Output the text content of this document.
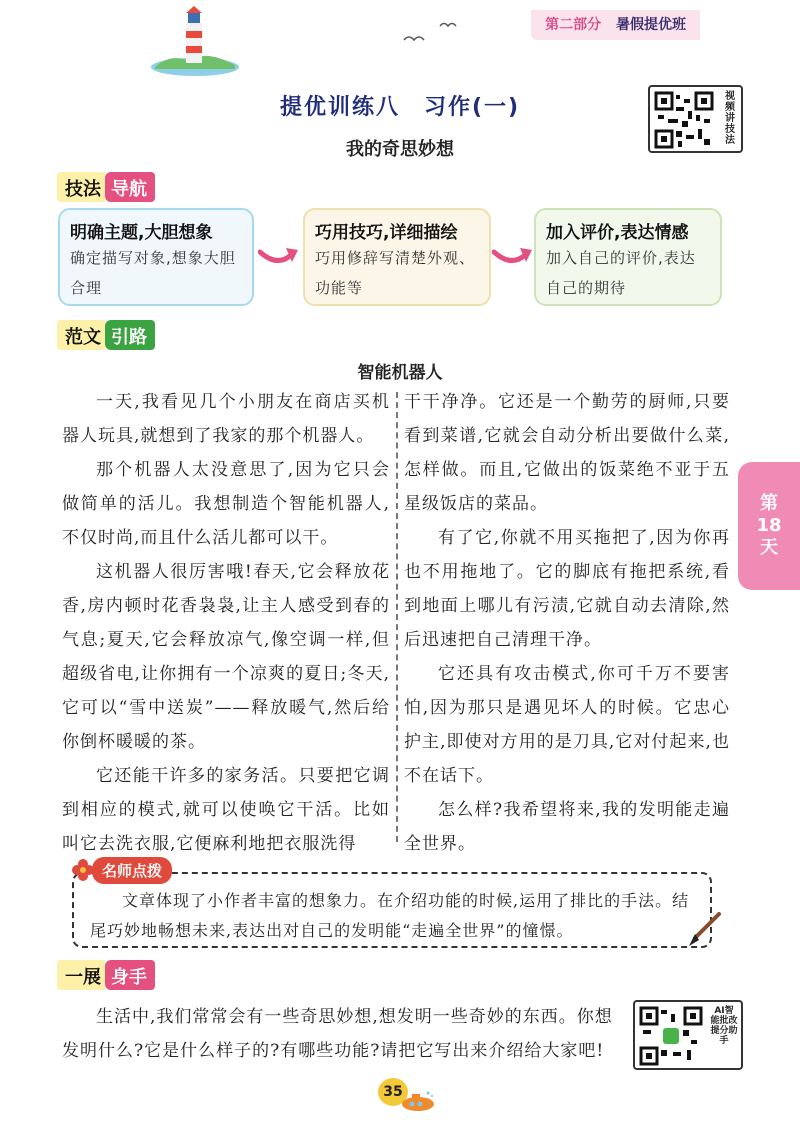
第二部分 暑假提优班
提优训练八　习作(一)
我的奇思妙想
视频讲技法
技法 导航
明确主题,大胆想象
确定描写对象,想象大胆合理
巧用技巧,详细描绘
巧用修辞写清楚外观、功能等
加入评价,表达情感
加入自己的评价,表达自己的期待
范文 引路
智能机器人

一天,我看见几个小朋友在商店买机器人玩具,就想到了我家的那个机器人。

那个机器人太没意思了,因为它只会做简单的活儿。我想制造个智能机器人,不仅时尚,而且什么活儿都可以干。

这机器人很厉害哦!春天,它会释放花香,房内顿时花香袅袅,让主人感受到春的气息;夏天,它会释放凉气,像空调一样,但超级省电,让你拥有一个凉爽的夏日;冬天,它可以“雪中送炭”——释放暖气,然后给你倒杯暖暖的茶。

它还能干许多的家务活。只要把它调到相应的模式,就可以使唤它干活。比如叫它去洗衣服,它便麻利地把衣服洗得

干干净净。它还是一个勤劳的厨师,只要看到菜谱,它就会自动分析出要做什么菜,怎样做。而且,它做出的饭菜绝不亚于五星级饭店的菜品。

有了它,你就不用买拖把了,因为你再也不用拖地了。它的脚底有拖把系统,看到地面上哪儿有污渍,它就自动去清除,然后迅速把自己清理干净。

它还具有攻击模式,你可千万不要害怕,因为那只是遇见坏人的时候。它忠心护主,即使对方用的是刀具,它对付起来,也不在话下。

怎么样?我希望将来,我的发明能走遍全世界。

第
18
天

文章体现了小作者丰富的想象力。在介绍功能的时候,运用了排比的手法。结尾巧妙地畅想未来,表达出对自己的发明能“走遍全世界”的憧憬。

名师点拨
一展 身手

生活中,我们常常会有一些奇思妙想,想发明一些奇妙的东西。你想发明什么?它是什么样子的?有哪些功能?请把它写出来介绍给大家吧!

AI智能批改提分助手
35
